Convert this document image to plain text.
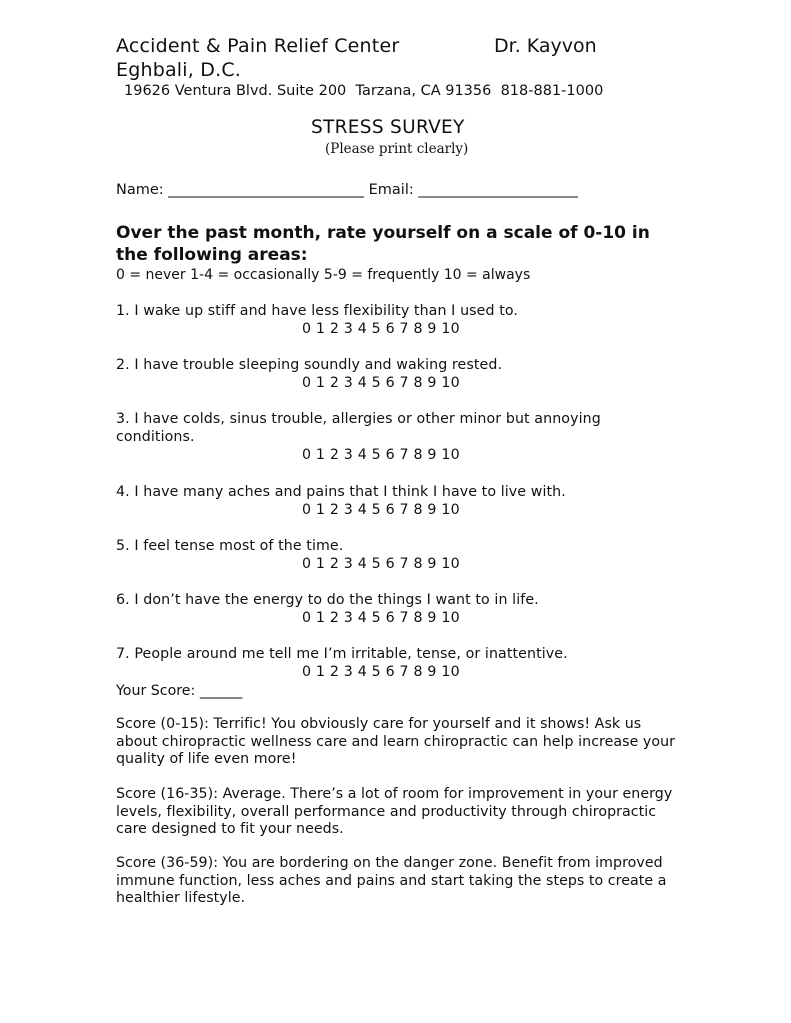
Accident & Pain Relief Center	Dr. Kayvon
Eghbali, D.C.
19626 Ventura Blvd. Suite 200  Tarzana, CA 91356  818-881-1000
STRESS SURVEY
(Please print clearly)
Name: ___________________________ Email: ______________________
Over the past month, rate yourself on a scale of 0-10 in the following areas:
0 = never 1-4 = occasionally 5-9 = frequently 10 = always
1. I wake up stiff and have less flexibility than I used to.
0 1 2 3 4 5 6 7 8 9 10
2. I have trouble sleeping soundly and waking rested.
0 1 2 3 4 5 6 7 8 9 10
3. I have colds, sinus trouble, allergies or other minor but annoying conditions.
0 1 2 3 4 5 6 7 8 9 10
4. I have many aches and pains that I think I have to live with.
0 1 2 3 4 5 6 7 8 9 10
5. I feel tense most of the time.
0 1 2 3 4 5 6 7 8 9 10
6. I don’t have the energy to do the things I want to in life.
0 1 2 3 4 5 6 7 8 9 10
7. People around me tell me I’m irritable, tense, or inattentive.
0 1 2 3 4 5 6 7 8 9 10
Your Score: ______
Score (0-15): Terrific! You obviously care for yourself and it shows! Ask us about chiropractic wellness care and learn chiropractic can help increase your quality of life even more!
Score (16-35): Average. There’s a lot of room for improvement in your energy levels, flexibility, overall performance and productivity through chiropractic care designed to fit your needs.
Score (36-59): You are bordering on the danger zone. Benefit from improved immune function, less aches and pains and start taking the steps to create a healthier lifestyle.
